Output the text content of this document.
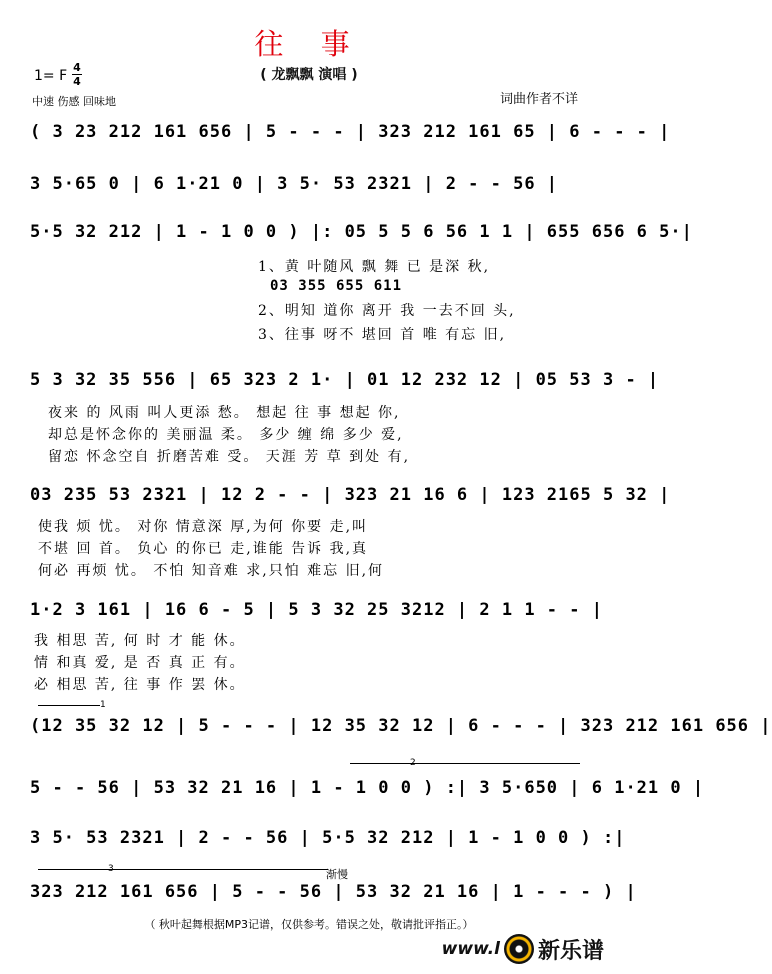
往 事
( 龙飘飘 演唱 )
1= F
4
4
中速 伤感 回味地	词曲作者不详
( 3 23 212 161 656 | 5 - - - | 323 212 161 65 | 6 - - - |
3 5·65 0 | 6 1·21 0 | 3 5· 53 2321 | 2 - - 56 |
5·5 32 212 | 1 - 1 0 0 ) |: 05 5 5 6 56 1 1 | 655 656 6 5·|
1、黄 叶随风 飘 舞 已 是深 秋,
03 355 655 611
2、明知 道你 离开 我 一去不回 头,
3、往事 呀不 堪回 首 唯 有忘 旧,
5 3 32 35 556 | 65 323 2 1· | 01 12 232 12 | 05 53 3 - |
夜来 的 风雨 叫人更添 愁。 想起 往 事 想起 你,
却总是怀念你的 美丽温 柔。 多少 缠 绵 多少 爱,
留恋 怀念空自 折磨苦难 受。 天涯 芳 草 到处 有,
03 235 53 2321 | 12 2 - - | 323 21 16 6 | 123 2165 5 32 |
使我 烦 忧。 对你 情意深 厚,为何 你要 走,叫
不堪 回 首。 负心 的你已 走,谁能 告诉 我,真
何必 再烦 忧。 不怕 知音难 求,只怕 难忘 旧,何
1·2 3 161 | 16 6 - 5 | 5 3 32 25 3212 | 2 1 1 - - |
我 相思 苦, 何 时 才 能 休。
情 和真 爱, 是 否 真 正 有。
必 相思 苦, 往 事 作 罢 休。
1
(12 35 32 12 | 5 - - - | 12 35 32 12 | 6 - - - | 323 212 161 656 |
2
5 - - 56 | 53 32 21 16 | 1 - 1 0 0 ) :| 3 5·650 | 6 1·21 0 |
3 5· 53 2321 | 2 - - 56 | 5·5 32 212 | 1 - 1 0 0 ) :|
3	渐慢
323 212 161 656 | 5 - - 56 | 53 32 21 16 | 1 - - - ) |
（ 秋叶起舞根据MP3记谱，仅供参考。错误之处，敬请批评指正。）
www.l 新乐谱
